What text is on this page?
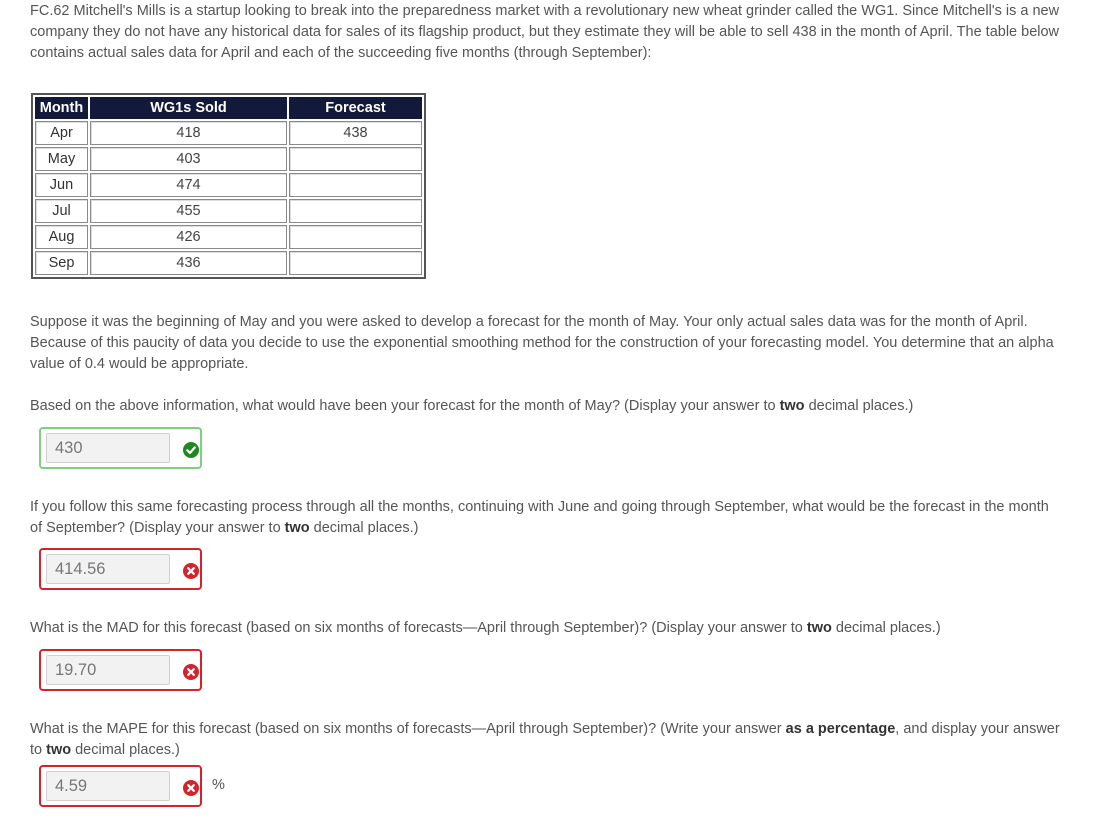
FC.62 Mitchell's Mills is a startup looking to break into the preparedness market with a revolutionary new wheat grinder called the WG1. Since Mitchell's is a new company they do not have any historical data for sales of its flagship product, but they estimate they will be able to sell 438 in the month of April. The table below contains actual sales data for April and each of the succeeding five months (through September):

Month	WG1s Sold	Forecast
Apr	418	438
May	403	
Jun	474	
Jul	455	
Aug	426	
Sep	436	

Suppose it was the beginning of May and you were asked to develop a forecast for the month of May. Your only actual sales data was for the month of April. Because of this paucity of data you decide to use the exponential smoothing method for the construction of your forecasting model. You determine that an alpha value of 0.4 would be appropriate.

Based on the above information, what would have been your forecast for the month of May? (Display your answer to two decimal places.)

430

If you follow this same forecasting process through all the months, continuing with June and going through September, what would be the forecast in the month of September? (Display your answer to two decimal places.)

414.56

What is the MAD for this forecast (based on six months of forecasts—April through September)? (Display your answer to two decimal places.)

19.70

What is the MAPE for this forecast (based on six months of forecasts—April through September)? (Write your answer as a percentage, and display your answer to two decimal places.)

4.59
%
